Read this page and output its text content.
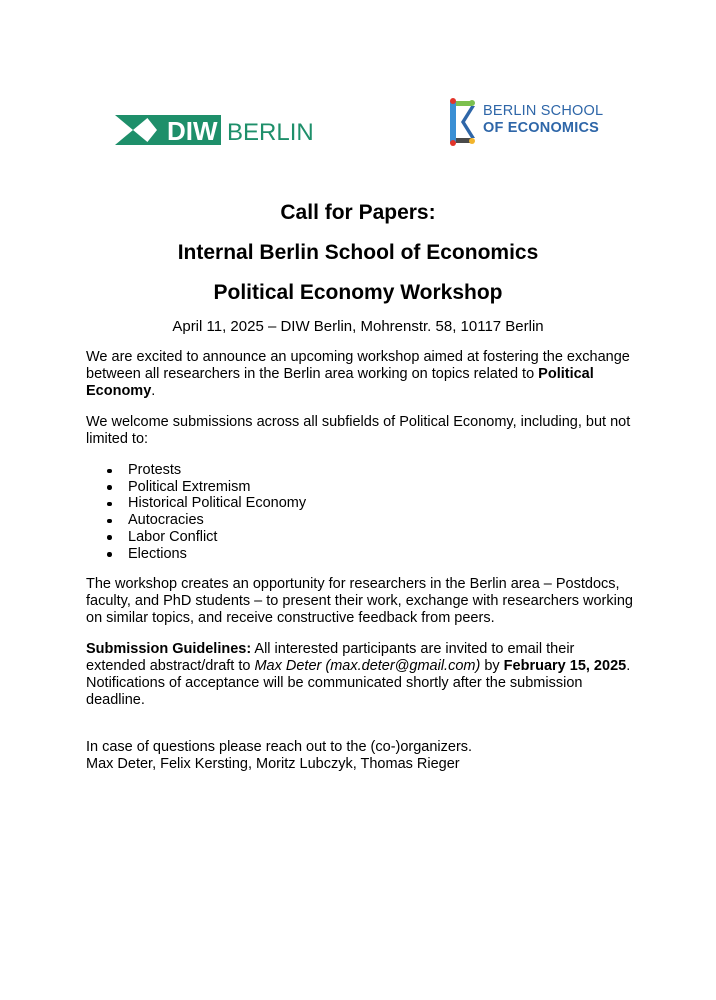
DIW BERLIN
BERLIN SCHOOL
OF ECONOMICS
Call for Papers:
Internal Berlin School of Economics
Political Economy Workshop
April 11, 2025 – DIW Berlin, Mohrenstr. 58, 10117 Berlin
We are excited to announce an upcoming workshop aimed at fostering the exchange between all researchers in the Berlin area working on topics related to Political Economy.
We welcome submissions across all subfields of Political Economy, including, but not limited to:
Protests
Political Extremism
Historical Political Economy
Autocracies
Labor Conflict
Elections
The workshop creates an opportunity for researchers in the Berlin area – Postdocs, faculty, and PhD students – to present their work, exchange with researchers working on similar topics, and receive constructive feedback from peers.
Submission Guidelines: All interested participants are invited to email their extended abstract/draft to Max Deter (max.deter@gmail.com) by February 15, 2025. Notifications of acceptance will be communicated shortly after the submission deadline.
In case of questions please reach out to the (co-)organizers.
Max Deter, Felix Kersting, Moritz Lubczyk, Thomas Rieger
